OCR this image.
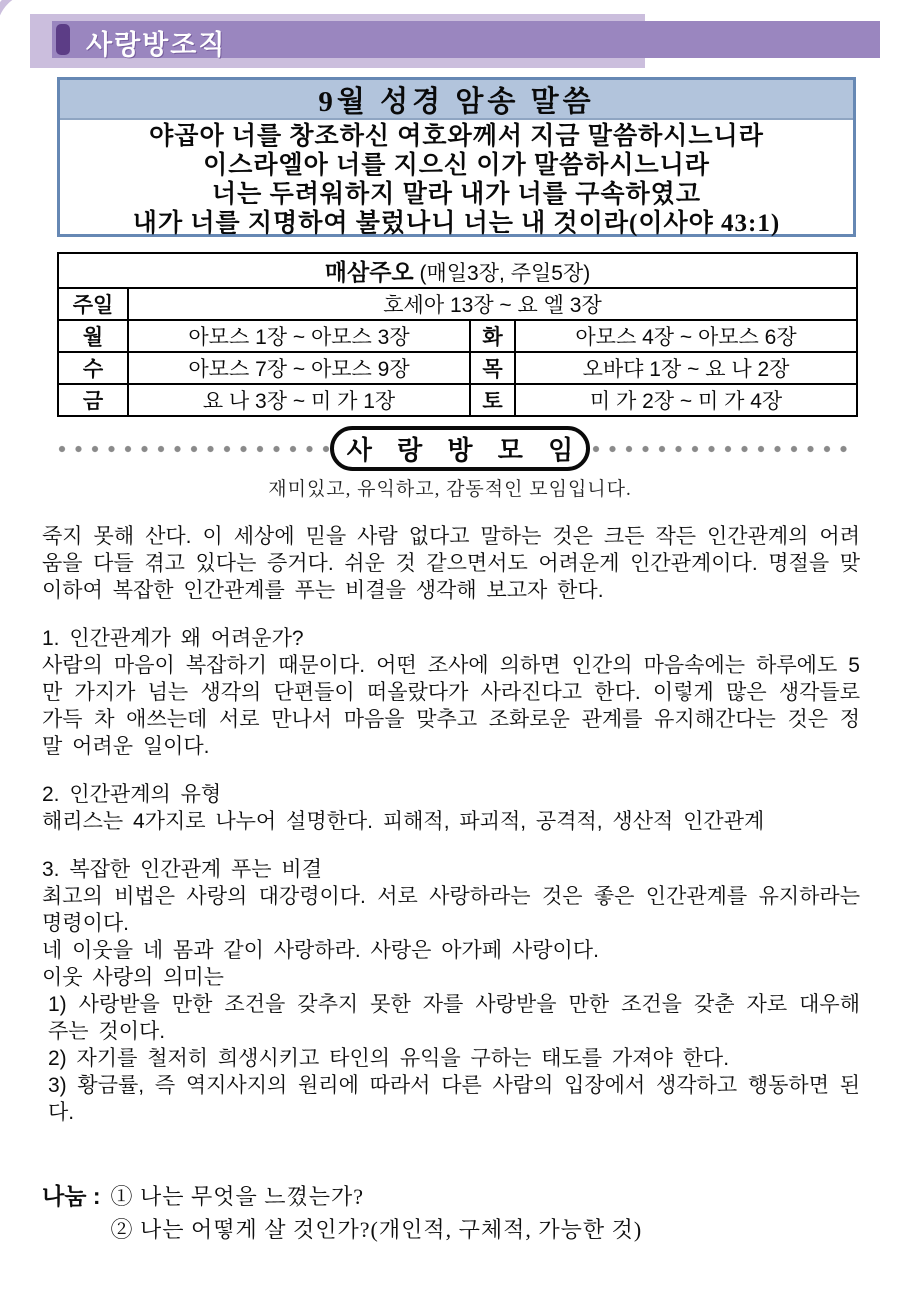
사랑방조직
9월 성경 암송 말씀
야곱아 너를 창조하신 여호와께서 지금 말씀하시느니라
이스라엘아 너를 지으신 이가 말씀하시느니라
너는 두려워하지 말라 내가 너를 구속하였고
내가 너를 지명하여 불렀나니 너는 내 것이라(이사야 43:1)
매삼주오 (매일3장, 주일5장)			
주일	호세아 13장 ~ 요 엘 3장		
월	아모스 1장 ~ 아모스 3장	화	아모스 4장 ~ 아모스 6장
수	아모스 7장 ~ 아모스 9장	목	오바댜 1장 ~ 요 나 2장
금	요 나 3장 ~ 미 가 1장	토	미 가 2장 ~ 미 가 4장
사 랑 방 모 임
재미있고, 유익하고, 감동적인 모임입니다.

죽지 못해 산다. 이 세상에 믿을 사람 없다고 말하는 것은 크든 작든 인간관계의 어려움을 다들 겪고 있다는 증거다. 쉬운 것 같으면서도 어려운게 인간관계이다. 명절을 맞이하여 복잡한 인간관계를 푸는 비결을 생각해 보고자 한다.

1. 인간관계가 왜 어려운가?

사람의 마음이 복잡하기 때문이다. 어떤 조사에 의하면 인간의 마음속에는 하루에도 5만 가지가 넘는 생각의 단편들이 떠올랐다가 사라진다고 한다. 이렇게 많은 생각들로 가득 차 애쓰는데 서로 만나서 마음을 맞추고 조화로운 관계를 유지해간다는 것은 정말 어려운 일이다.

2. 인간관계의 유형

해리스는 4가지로 나누어 설명한다. 피해적, 파괴적, 공격적, 생산적 인간관계

3. 복잡한 인간관계 푸는 비결

최고의 비법은 사랑의 대강령이다. 서로 사랑하라는 것은 좋은 인간관계를 유지하라는 명령이다.

네 이웃을 네 몸과 같이 사랑하라. 사랑은 아가페 사랑이다.

이웃 사랑의 의미는

1) 사랑받을 만한 조건을 갖추지 못한 자를 사랑받을 만한 조건을 갖춘 자로 대우해 주는 것이다.

2) 자기를 철저히 희생시키고 타인의 유익을 구하는 태도를 가져야 한다.

3) 황금률, 즉 역지사지의 원리에 따라서 다른 사람의 입장에서 생각하고 행동하면 된다.

나눔 : ① 나는 무엇을 느꼈는가?
② 나는 어떻게 살 것인가?(개인적, 구체적, 가능한 것)
